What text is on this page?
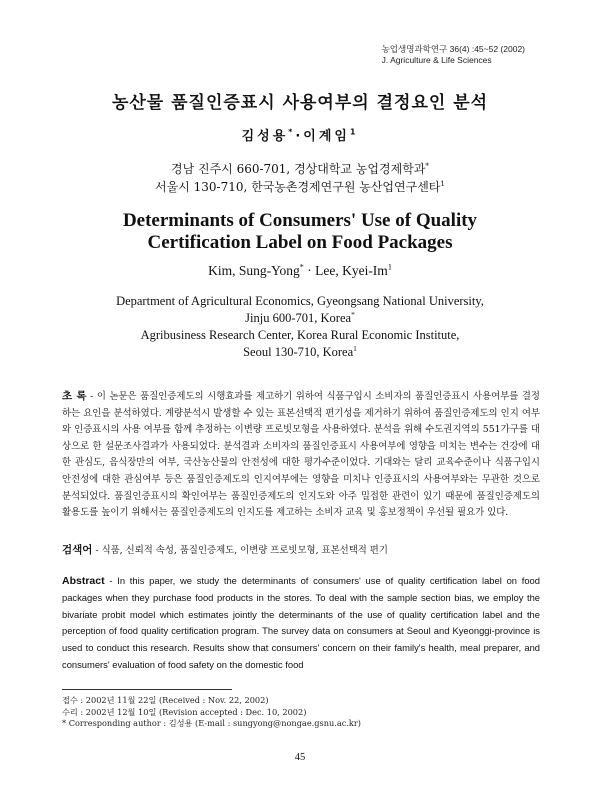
농업생명과학연구 36(4) :45~52 (2002)
J. Agriculture & Life Sciences
농산물 품질인증표시 사용여부의 결정요인 분석
김성용*·이계임$^1$
경남 진주시 660-701, 경상대학교 농업경제학과*
서울시 130-710, 한국농촌경제연구원 농산업연구센타$^1$
Determinants of Consumers' Use of Quality
Certification Label on Food Packages
Kim, Sung-Yong* · Lee, Kyei-Im$^1$
Department of Agricultural Economics, Gyeongsang National University,
Jinju 600-701, Korea*
Agribusiness Research Center, Korea Rural Economic Institute,
Seoul 130-710, Korea$^1$
초 록 - 이 논문은 품질인증제도의 시행효과를 제고하기 위하여 식품구입시 소비자의 품질인증표시 사용여부를 결정하는 요인을 분석하였다. 계량분석시 발생할 수 있는 표본선택적 편기성을 제거하기 위하여 품질인증제도의 인지 여부와 인증표시의 사용 여부를 함께 추정하는 이변량 프로빗모형을 사용하였다. 분석을 위해 수도권지역의 551가구를 대상으로 한 설문조사결과가 사용되었다. 분석결과 소비자의 품질인증표시 사용여부에 영향을 미치는 변수는 건강에 대한 관심도, 음식장만의 여부, 국산농산물의 안전성에 대한 평가수준이었다. 기대와는 달리 교육수준이나 식품구입시 안전성에 대한 관심여부 등은 품질인증제도의 인지여부에는 영향을 미치나 인증표시의 사용여부와는 무관한 것으로 분석되었다. 품질인증표시의 확인여부는 품질인증제도의 인지도와 아주 밀접한 관련이 있기 때문에 품질인증제도의 활용도를 높이기 위해서는 품질인증제도의 인지도를 제고하는 소비자 교육 및 홍보정책이 우선될 필요가 있다.
검색어 - 식품, 신뢰적 속성, 품질인증제도, 이변량 프로빗모형, 표본선택적 편기
Abstract - In this paper, we study the determinants of consumers' use of quality certification label on food packages when they purchase food products in the stores. To deal with the sample section bias, we employ the bivariate probit model which estimates jointly the determinants of the use of quality certification label and the perception of food quality certification program. The survey data on consumers at Seoul and Kyeonggi-province is used to conduct this research. Results show that consumers' concern on their family's health, meal preparer, and consumers' evaluation of food safety on the domestic food
접수 : 2002년 11월 22일 (Received : Nov. 22, 2002)
수리 : 2002년 12월 10일 (Revision accepted : Dec. 10, 2002)
* Corresponding author : 김성용 (E-mail : sungyong@nongae.gsnu.ac.kr)
45
